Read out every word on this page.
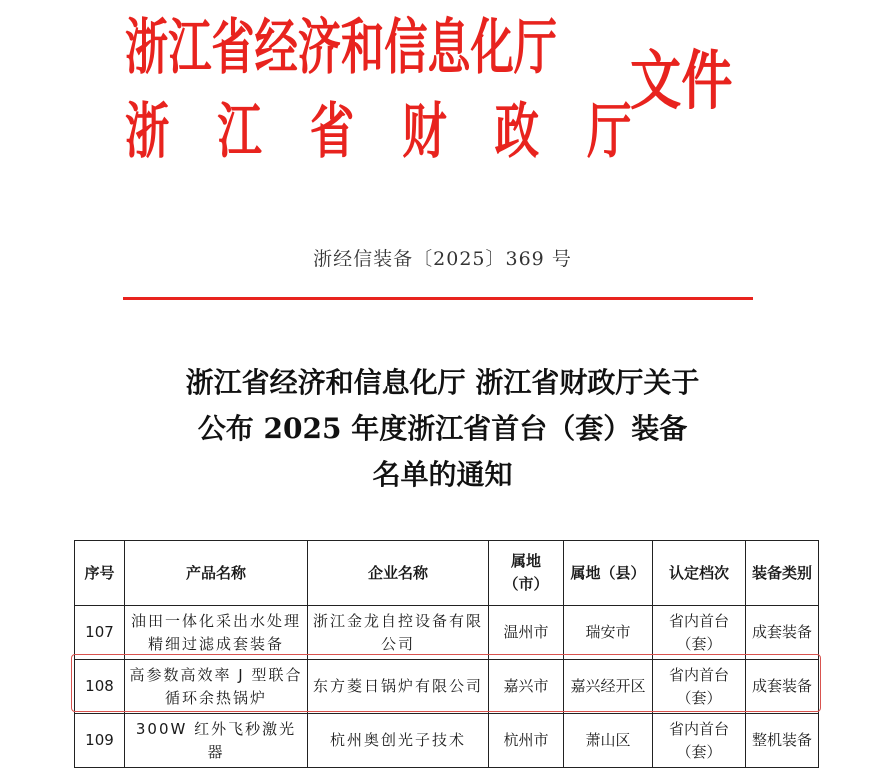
浙江省经济和信息化厅
浙 江 省 财 政 厅
文件
浙经信装备〔2025〕369 号
浙江省经济和信息化厅 浙江省财政厅关于
公布 2025 年度浙江省首台（套）装备
名单的通知
序号	产品名称	企业名称	属地（市）	属地（县）	认定档次	装备类别
107	油田一体化采出水处理精细过滤成套装备	浙江金龙自控设备有限公司	温州市	瑞安市	省内首台（套）	成套装备
108	高参数高效率 J 型联合循环余热锅炉	东方菱日锅炉有限公司	嘉兴市	嘉兴经开区	省内首台（套）	成套装备
109	300W 红外飞秒激光器	杭州奥创光子技术	杭州市	萧山区	省内首台（套）	整机装备
